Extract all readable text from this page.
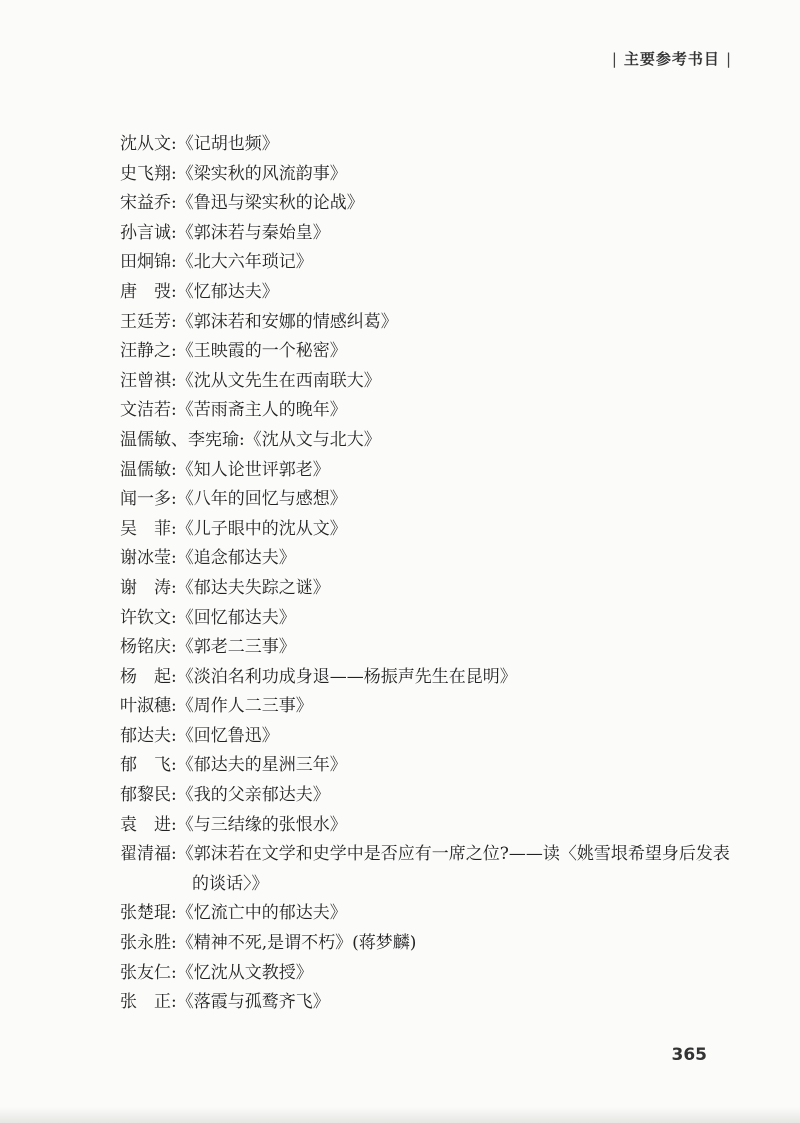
| 主要参考书目 |
沈从文:《记胡也频》
史飞翔:《梁实秋的风流韵事》
宋益乔:《鲁迅与梁实秋的论战》
孙言诚:《郭沫若与秦始皇》
田炯锦:《北大六年琐记》
唐　弢:《忆郁达夫》
王廷芳:《郭沫若和安娜的情感纠葛》
汪静之:《王映霞的一个秘密》
汪曾祺:《沈从文先生在西南联大》
文洁若:《苦雨斋主人的晚年》
温儒敏、李宪瑜:《沈从文与北大》
温儒敏:《知人论世评郭老》
闻一多:《八年的回忆与感想》
吴　菲:《儿子眼中的沈从文》
谢冰莹:《追念郁达夫》
谢　涛:《郁达夫失踪之谜》
许钦文:《回忆郁达夫》
杨铭庆:《郭老二三事》
杨　起:《淡泊名利功成身退——杨振声先生在昆明》
叶淑穗:《周作人二三事》
郁达夫:《回忆鲁迅》
郁　飞:《郁达夫的星洲三年》
郁黎民:《我的父亲郁达夫》
袁　进:《与三结缘的张恨水》
翟清福:《郭沫若在文学和史学中是否应有一席之位?——读〈姚雪垠希望身后发表的谈话〉》
张楚琨:《忆流亡中的郁达夫》
张永胜:《精神不死,是谓不朽》(蒋梦麟)
张友仁:《忆沈从文教授》
张　正:《落霞与孤鹜齐飞》
365
